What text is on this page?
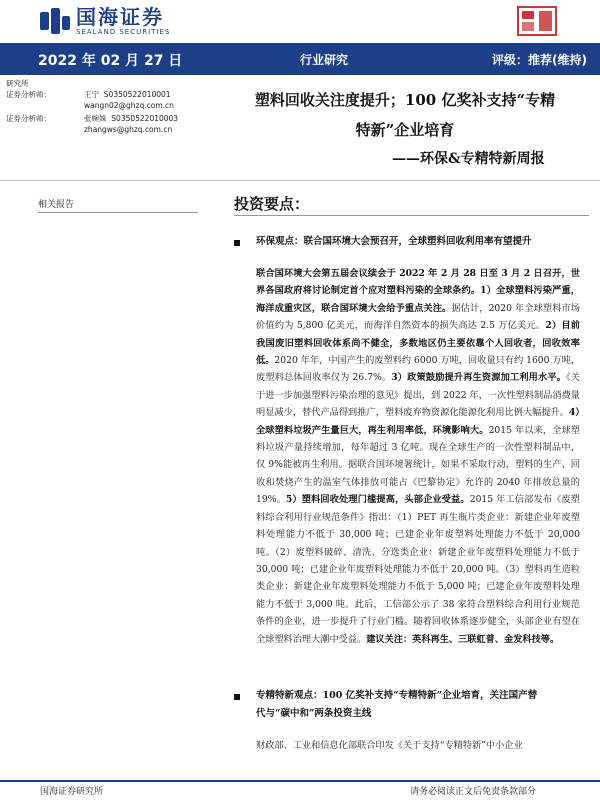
国海证券
SEALAND SECURITIES
2022 年 02 月 27 日	行业研究	评级：推荐(维持)
研究所
证券分析师：	王宁 S0350522010001
wangn02@ghzq.com.cn
证券分析师：	张婉姝 S0350522010003
zhangws@ghzq.com.cn
塑料回收关注度提升；100 亿奖补支持“专精
特新”企业培育
——环保&专精特新周报
相关报告	投资要点：
环保观点：联合国环境大会预召开，全球塑料回收利用率有望提升
联合国环境大会第五届会议续会于 2022 年 2 月 28 日至 3 月 2 日召开，世界各国政府将讨论制定首个应对塑料污染的全球条约。1）全球塑料污染严重，海洋成重灾区，联合国环境大会给予重点关注。据估计，2020 年全球塑料市场价值约为 5,800 亿美元，而海洋自然资本的损失高达 2.5 万亿美元。2）目前我国废旧塑料回收体系尚不健全，多数地区仍主要依靠个人回收者，回收效率低。2020 年年，中国产生的废塑料约 6000 万吨，回收量只有约 1600 万吨，废塑料总体回收率仅为 26.7%。3）政策鼓励提升再生资源加工利用水平。《关于进一步加强塑料污染治理的意见》提出，到 2022 年，一次性塑料制品消费量明显减少，替代产品得到推广，塑料废弃物资源化能源化利用比例大幅提升。4）全球塑料垃圾产生量巨大，再生利用率低，环境影响大。2015 年以来，全球塑料垃圾产量持续增加，每年超过 3 亿吨。现在全球生产的一次性塑料制品中，仅 9%能被再生利用。据联合国环境署统计，如果不采取行动，塑料的生产、回收和焚烧产生的温室气体排放可能占《巴黎协定》允许的 2040 年排放总量的 19%。5）塑料回收处理门槛提高，头部企业受益。2015 年工信部发布《废塑料综合利用行业规范条件》指出：（1）PET 再生瓶片类企业：新建企业年废塑料处理能力不低于 30,000 吨；已建企业年废塑料处理能力不低于 20,000 吨。（2）废塑料破碎、清洗、分选类企业：新建企业年废塑料处理能力不低于 30,000 吨；已建企业年废塑料处理能力不低于 20,000 吨。（3）塑料再生造粒类企业：新建企业年废塑料处理能力不低于 5,000 吨；已建企业年废塑料处理能力不低于 3,000 吨。此后，工信部公示了 38 家符合塑料综合利用行业规范条件的企业，进一步提升了行业门槛。随着回收体系逐步健全，头部企业有望在全球塑料治理大潮中受益。建议关注：英科再生、三联虹普、金发科技等。
专精特新观点：100 亿奖补支持“专精特新”企业培育，关注国产替
代与“碳中和”两条投资主线
财政部、工业和信息化部联合印发《关于支持“专精特新”中小企业
国海证券研究所	请务必阅读正文后免责条款部分
